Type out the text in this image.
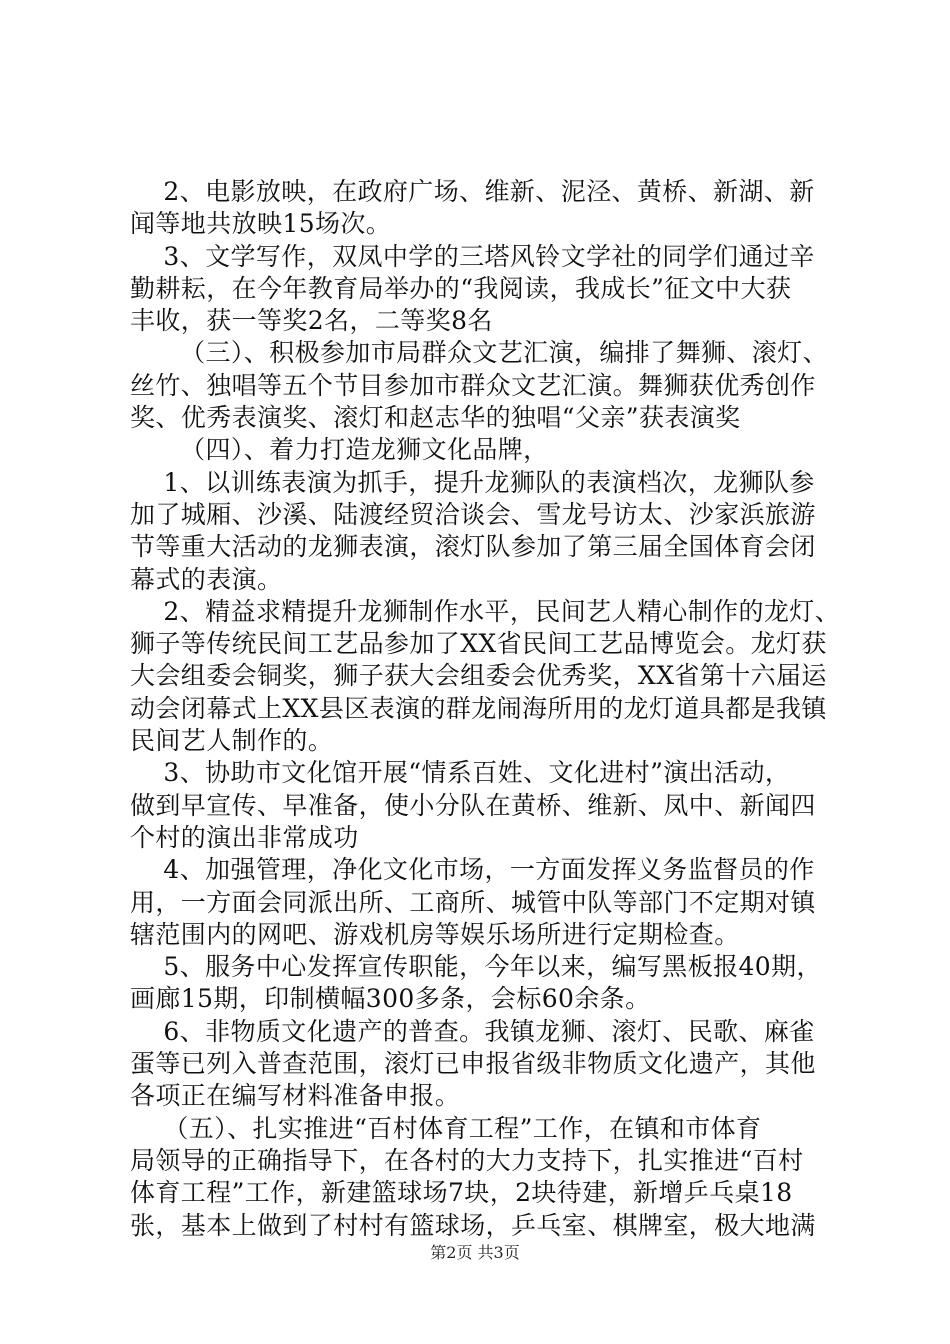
2、电影放映，在政府广场、维新、泥泾、黄桥、新湖、新
闻等地共放映15场次。
3、文学写作，双凤中学的三塔风铃文学社的同学们通过辛
勤耕耘，在今年教育局举办的“我阅读，我成长”征文中大获
丰收，获一等奖2名，二等奖8名
（三）、积极参加市局群众文艺汇演，编排了舞狮、滚灯、
丝竹、独唱等五个节目参加市群众文艺汇演。舞狮获优秀创作
奖、优秀表演奖、滚灯和赵志华的独唱“父亲”获表演奖
（四）、着力打造龙狮文化品牌，
1、以训练表演为抓手，提升龙狮队的表演档次，龙狮队参
加了城厢、沙溪、陆渡经贸洽谈会、雪龙号访太、沙家浜旅游
节等重大活动的龙狮表演，滚灯队参加了第三届全国体育会闭
幕式的表演。
2、精益求精提升龙狮制作水平，民间艺人精心制作的龙灯、
狮子等传统民间工艺品参加了XX省民间工艺品博览会。龙灯获
大会组委会铜奖，狮子获大会组委会优秀奖，XX省第十六届运
动会闭幕式上XX县区表演的群龙闹海所用的龙灯道具都是我镇
民间艺人制作的。
3、协助市文化馆开展“情系百姓、文化进村”演出活动，
做到早宣传、早准备，使小分队在黄桥、维新、凤中、新闻四
个村的演出非常成功
4、加强管理，净化文化市场，一方面发挥义务监督员的作
用，一方面会同派出所、工商所、城管中队等部门不定期对镇
辖范围内的网吧、游戏机房等娱乐场所进行定期检查。
5、服务中心发挥宣传职能，今年以来，编写黑板报40期，
画廊15期，印制横幅300多条，会标60余条。
6、非物质文化遗产的普查。我镇龙狮、滚灯、民歌、麻雀
蛋等已列入普查范围，滚灯已申报省级非物质文化遗产，其他
各项正在编写材料准备申报。
（五）、扎实推进“百村体育工程”工作，在镇和市体育
局领导的正确指导下，在各村的大力支持下，扎实推进“百村
体育工程”工作，新建篮球场7块，2块待建，新增乒乓桌18
张，基本上做到了村村有篮球场，乒乓室、棋牌室，极大地满
第2页 共3页
